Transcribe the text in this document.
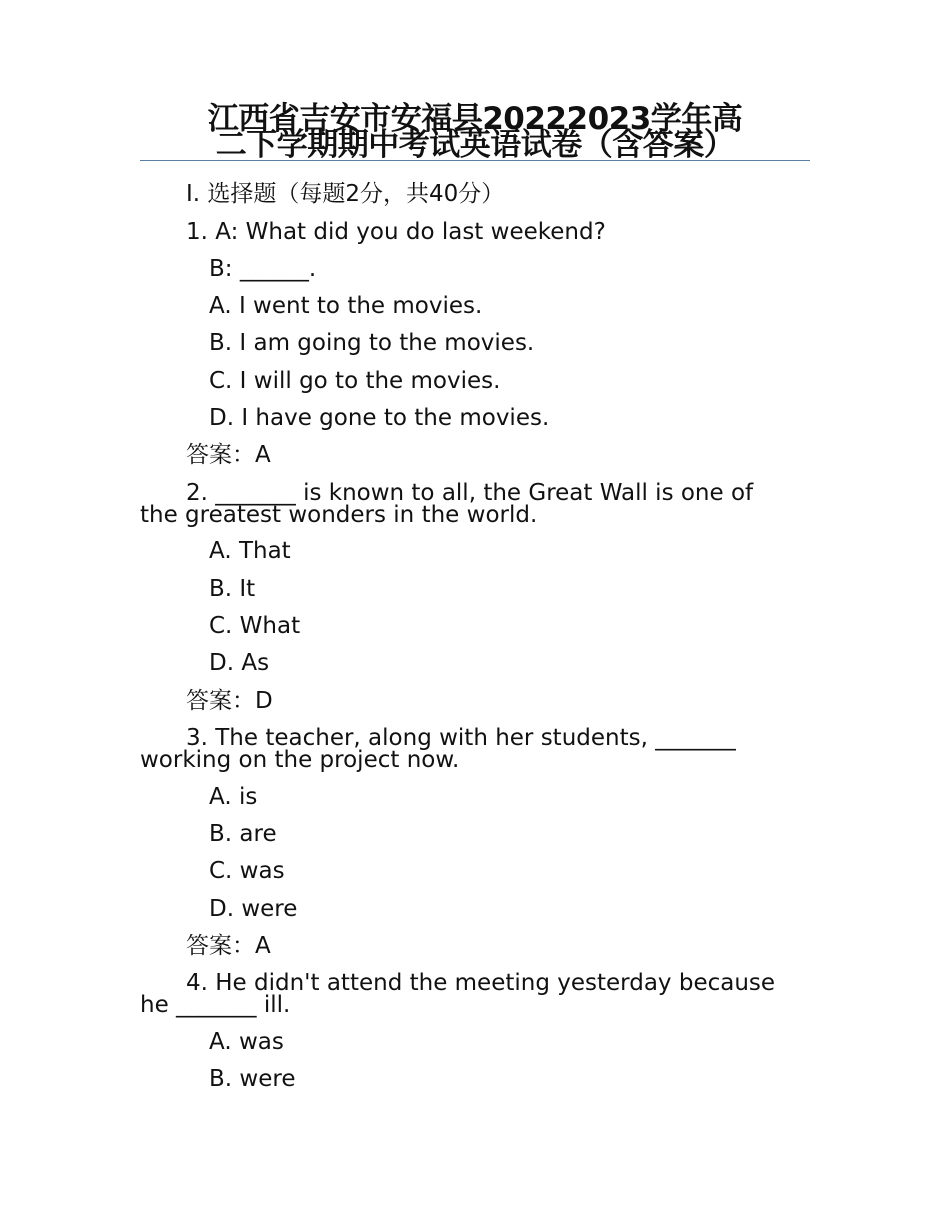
江西省吉安市安福县20222023学年高
二下学期期中考试英语试卷（含答案）
I. 选择题（每题2分，共40分）
1. A: What did you do last weekend?
B: ______.
A. I went to the movies.
B. I am going to the movies.
C. I will go to the movies.
D. I have gone to the movies.
答案：A
2. _______ is known to all, the Great Wall is one of the greatest wonders in the world.
A. That
B. It
C. What
D. As
答案：D
3. The teacher, along with her students, _______ working on the project now.
A. is
B. are
C. was
D. were
答案：A
4. He didn't attend the meeting yesterday because he _______ ill.
A. was
B. were
